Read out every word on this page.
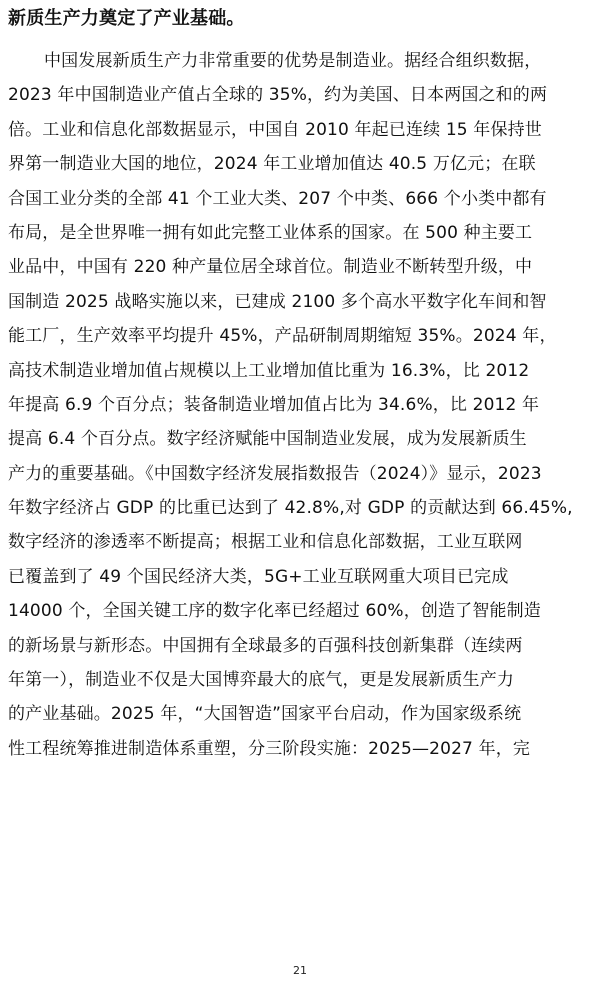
新质生产力奠定了产业基础。
中国发展新质生产力非常重要的优势是制造业。据经合组织数据，
2023 年中国制造业产值占全球的 35%，约为美国、日本两国之和的两
倍。工业和信息化部数据显示，中国自 2010 年起已连续 15 年保持世
界第一制造业大国的地位，2024 年工业增加值达 40.5 万亿元；在联
合国工业分类的全部 41 个工业大类、207 个中类、666 个小类中都有
布局，是全世界唯一拥有如此完整工业体系的国家。在 500 种主要工
业品中，中国有 220 种产量位居全球首位。制造业不断转型升级，中
国制造 2025 战略实施以来，已建成 2100 多个高水平数字化车间和智
能工厂，生产效率平均提升 45%，产品研制周期缩短 35%。2024 年，
高技术制造业增加值占规模以上工业增加值比重为 16.3%，比 2012
年提高 6.9 个百分点；装备制造业增加值占比为 34.6%，比 2012 年
提高 6.4 个百分点。数字经济赋能中国制造业发展，成为发展新质生
产力的重要基础。《中国数字经济发展指数报告（2024）》显示，2023
年数字经济占 GDP 的比重已达到了 42.8%,对 GDP 的贡献达到 66.45%,
数字经济的渗透率不断提高；根据工业和信息化部数据，工业互联网
已覆盖到了 49 个国民经济大类，5G+工业互联网重大项目已完成
14000 个，全国关键工序的数字化率已经超过 60%，创造了智能制造
的新场景与新形态。中国拥有全球最多的百强科技创新集群（连续两
年第一），制造业不仅是大国博弈最大的底气，更是发展新质生产力
的产业基础。2025 年，“大国智造”国家平台启动，作为国家级系统
性工程统筹推进制造体系重塑，分三阶段实施：2025—2027 年，完
21
